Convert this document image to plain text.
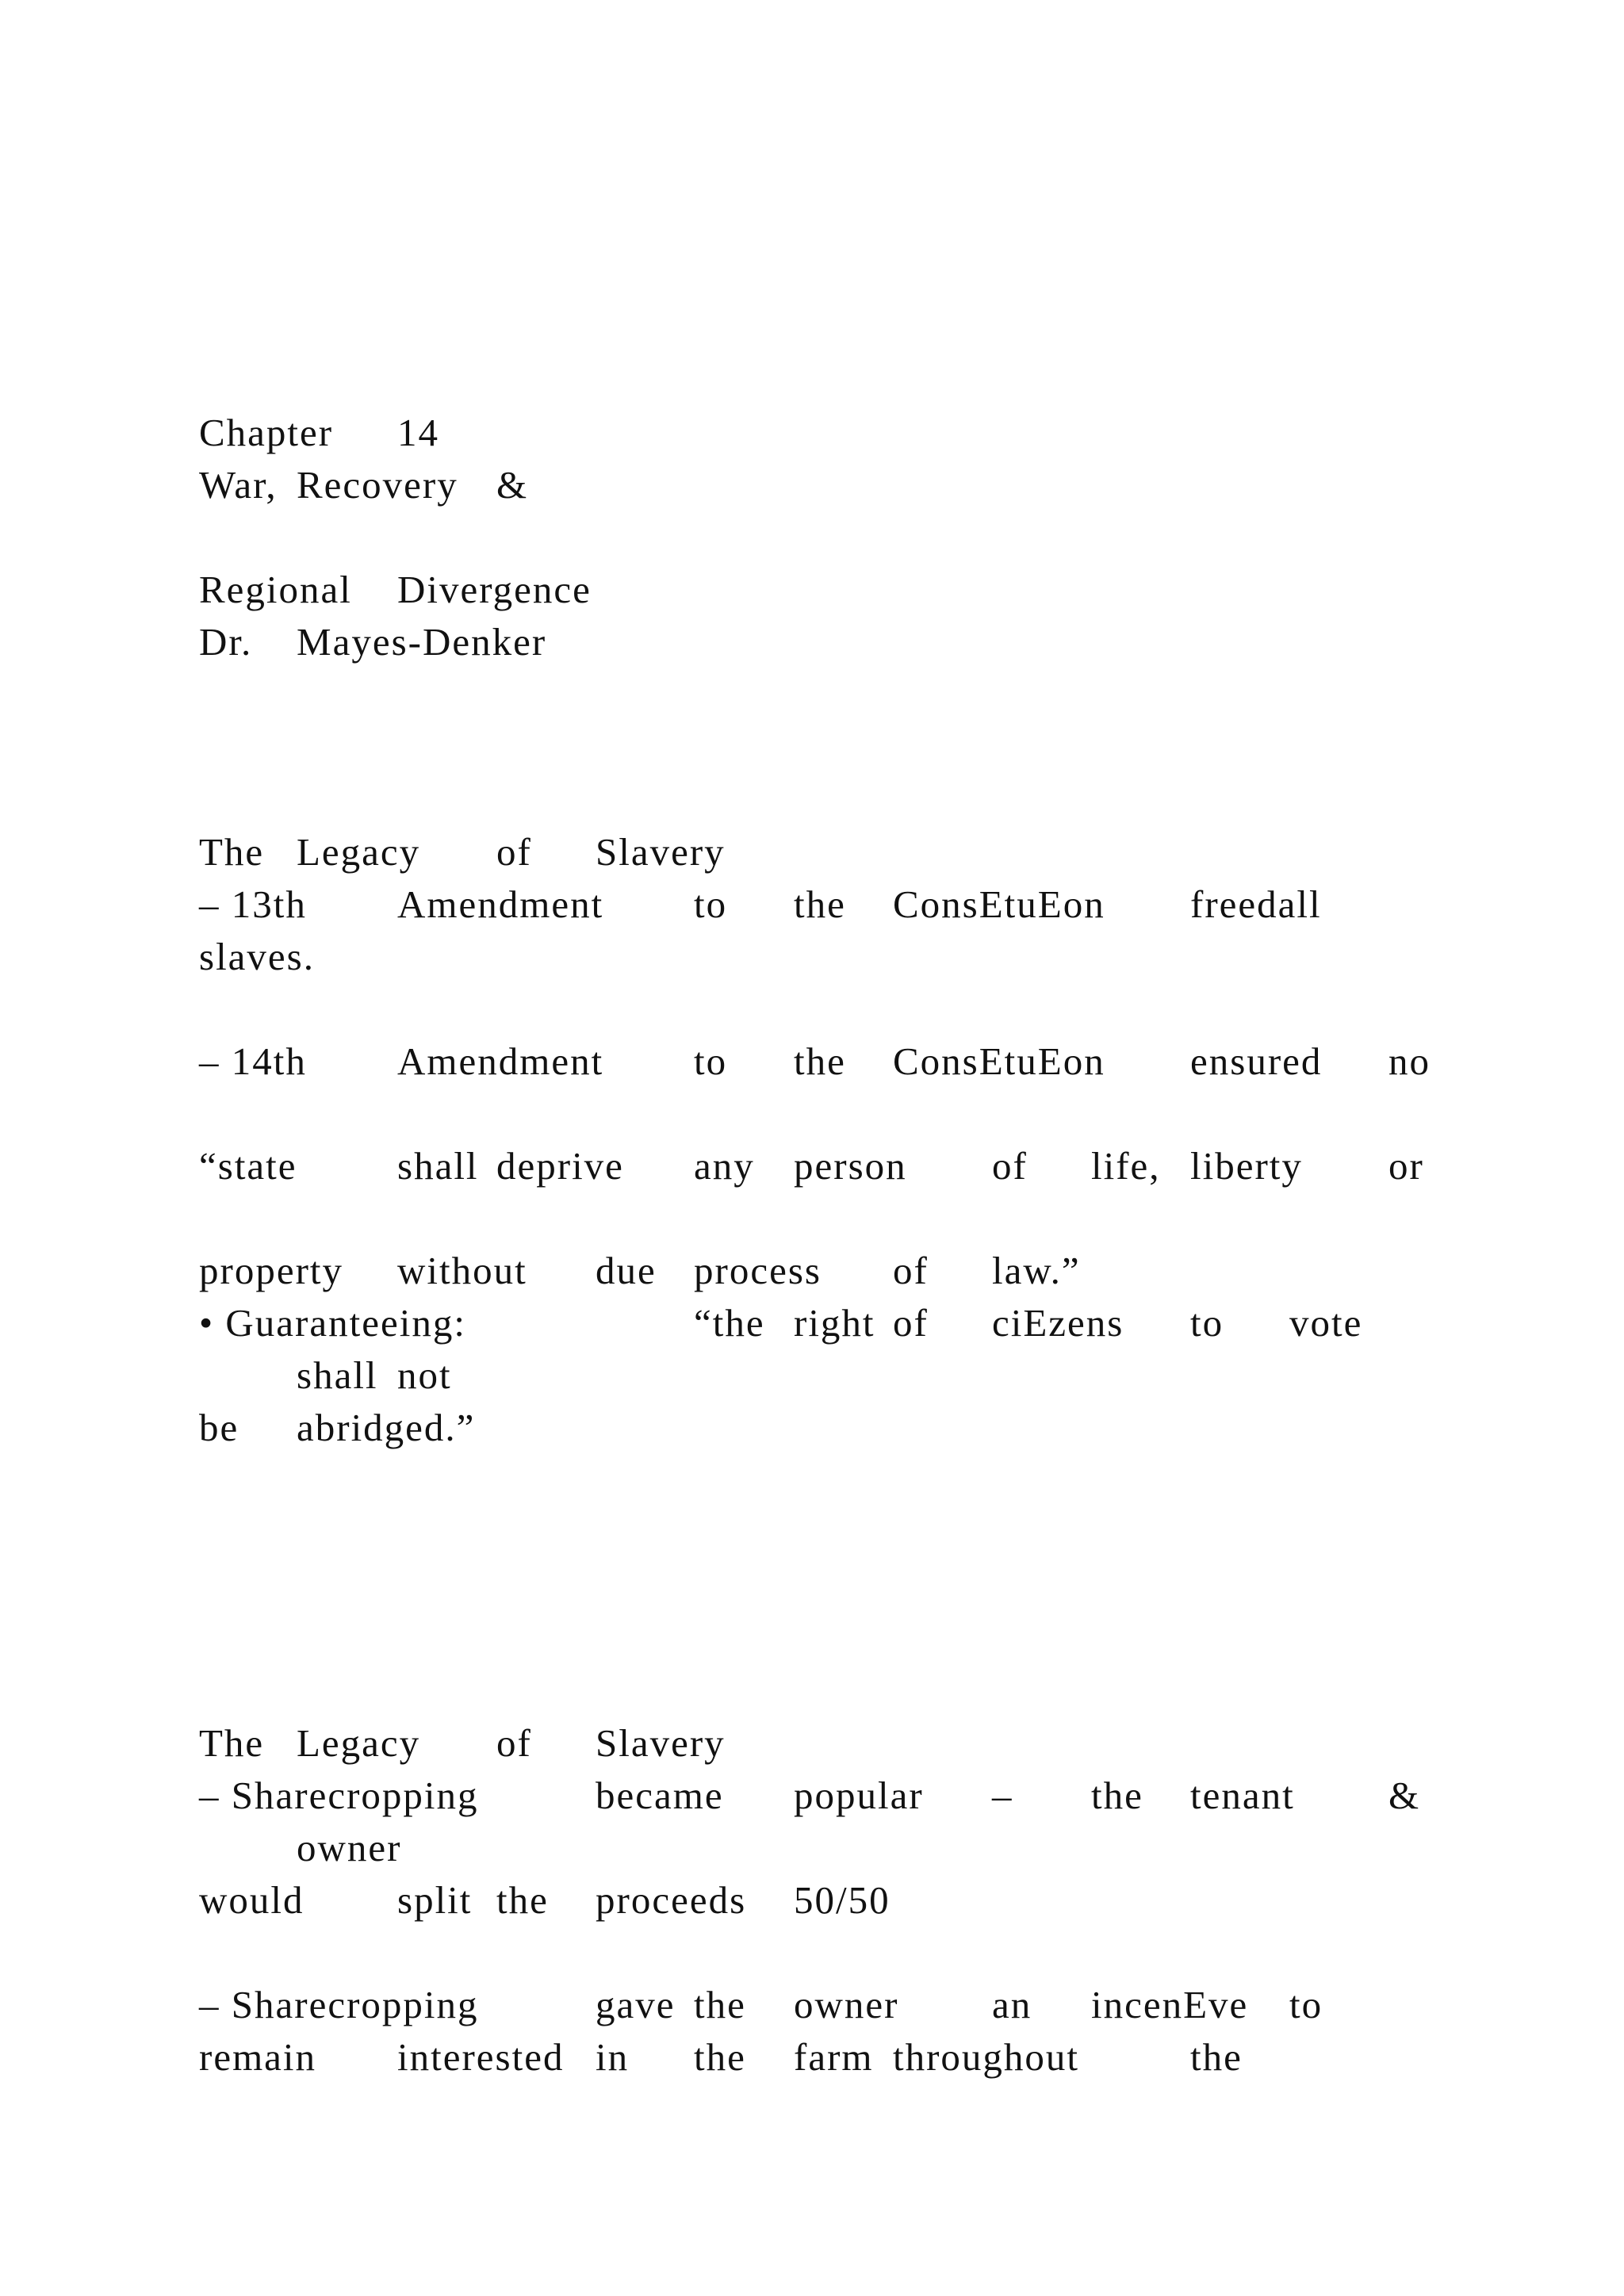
Chapter 14
War, Recovery &
Regional Divergence
Dr. Mayes-Denker
The Legacy of Slavery
– 13th Amendment to the ConsEtuEon freedall
slaves.
– 14th Amendment to the ConsEtuEon ensured no
“state	shall deprive any person of life, liberty or
property without due process of law.”
• Guaranteeing:	“the right of ciEzens to vote
shall not
be abridged.”
The Legacy of Slavery
– Sharecropping	became popular – the tenant &
owner
would split the proceeds 50/50
– Sharecropping	gave the owner an incenEve to
remain interested in the farm throughout	the
